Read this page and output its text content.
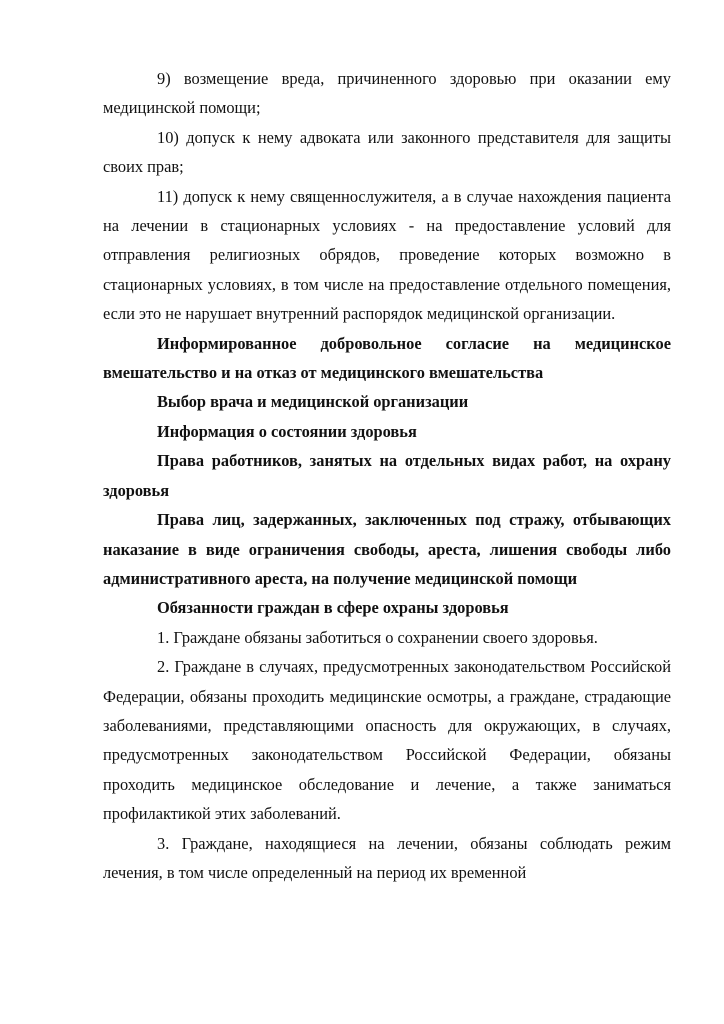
9) возмещение вреда, причиненного здоровью при оказании ему медицинской помощи;

10) допуск к нему адвоката или законного представителя для защиты своих прав;

11) допуск к нему священнослужителя, а в случае нахождения пациента на лечении в стационарных условиях - на предоставление условий для отправления религиозных обрядов, проведение которых возможно в стационарных условиях, в том числе на предоставление отдельного помещения, если это не нарушает внутренний распорядок медицинской организации.

Информированное добровольное согласие на медицинское вмешательство и на отказ от медицинского вмешательства

Выбор врача и медицинской организации

Информация о состоянии здоровья

Права работников, занятых на отдельных видах работ, на охрану здоровья

Права лиц, задержанных, заключенных под стражу, отбывающих наказание в виде ограничения свободы, ареста, лишения свободы либо административного ареста, на получение медицинской помощи

Обязанности граждан в сфере охраны здоровья

1. Граждане обязаны заботиться о сохранении своего здоровья.

2. Граждане в случаях, предусмотренных законодательством Российской Федерации, обязаны проходить медицинские осмотры, а граждане, страдающие заболеваниями, представляющими опасность для окружающих, в случаях, предусмотренных законодательством Российской Федерации, обязаны проходить медицинское обследование и лечение, а также заниматься профилактикой этих заболеваний.

3. Граждане, находящиеся на лечении, обязаны соблюдать режим лечения, в том числе определенный на период их временной
